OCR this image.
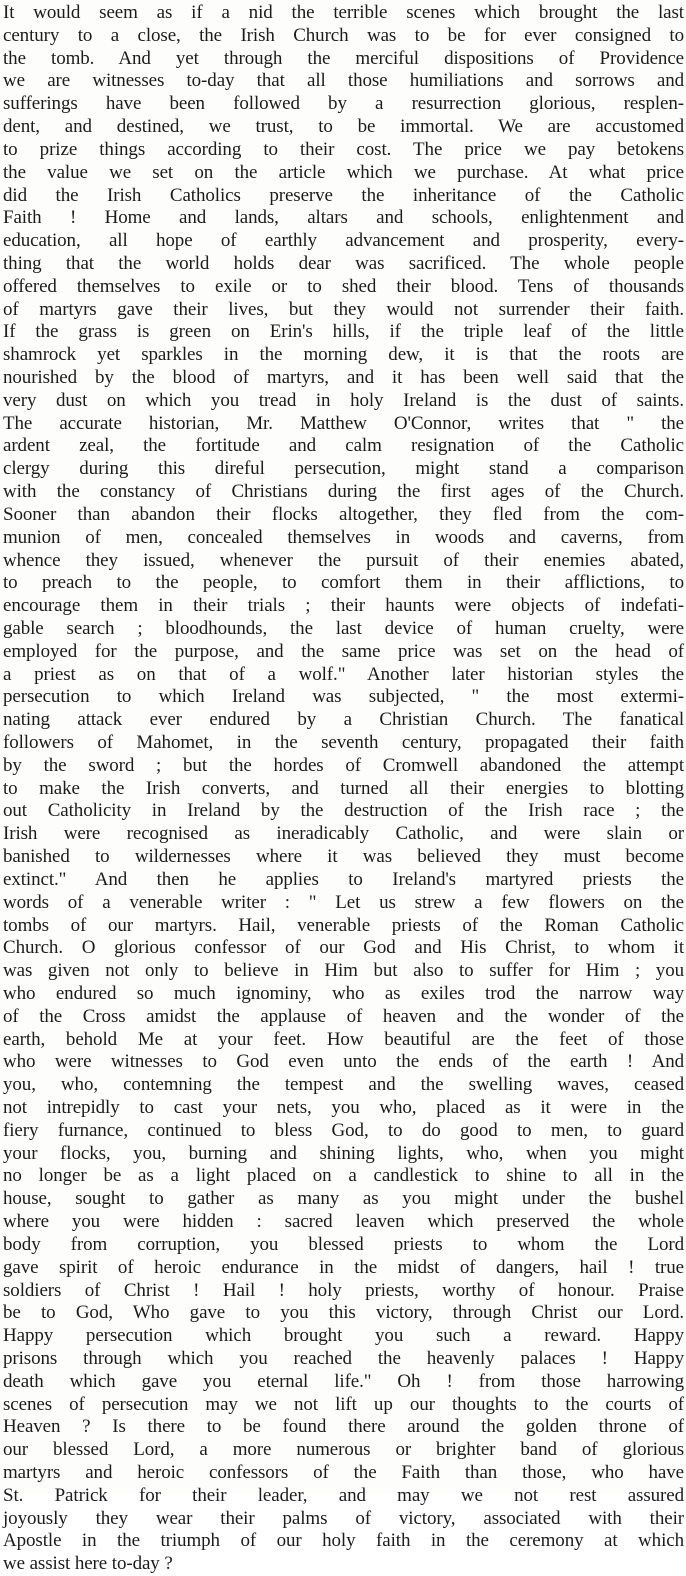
It would seem as if a nid the terrible scenes which brought the last
century to a close, the Irish Church was to be for ever consigned to
the tomb. And yet through the merciful dispositions of Providence
we are witnesses to-day that all those humiliations and sorrows and
sufferings have been followed by a resurrection glorious, resplen-
dent, and destined, we trust, to be immortal. We are accustomed
to prize things according to their cost. The price we pay betokens
the value we set on the article which we purchase. At what price
did the Irish Catholics preserve the inheritance of the Catholic
Faith ! Home and lands, altars and schools, enlightenment and
education, all hope of earthly advancement and prosperity, every-
thing that the world holds dear was sacrificed. The whole people
offered themselves to exile or to shed their blood. Tens of thousands
of martyrs gave their lives, but they would not surrender their faith.
If the grass is green on Erin's hills, if the triple leaf of the little
shamrock yet sparkles in the morning dew, it is that the roots are
nourished by the blood of martyrs, and it has been well said that the
very dust on which you tread in holy Ireland is the dust of saints.
The accurate historian, Mr. Matthew O'Connor, writes that " the
ardent zeal, the fortitude and calm resignation of the Catholic
clergy during this direful persecution, might stand a comparison
with the constancy of Christians during the first ages of the Church.
Sooner than abandon their flocks altogether, they fled from the com-
munion of men, concealed themselves in woods and caverns, from
whence they issued, whenever the pursuit of their enemies abated,
to preach to the people, to comfort them in their afflictions, to
encourage them in their trials ; their haunts were objects of indefati-
gable search ; bloodhounds, the last device of human cruelty, were
employed for the purpose, and the same price was set on the head of
a priest as on that of a wolf." Another later historian styles the
persecution to which Ireland was subjected, " the most extermi-
nating attack ever endured by a Christian Church. The fanatical
followers of Mahomet, in the seventh century, propagated their faith
by the sword ; but the hordes of Cromwell abandoned the attempt
to make the Irish converts, and turned all their energies to blotting
out Catholicity in Ireland by the destruction of the Irish race ; the
Irish were recognised as ineradicably Catholic, and were slain or
banished to wildernesses where it was believed they must become
extinct." And then he applies to Ireland's martyred priests the
words of a venerable writer : " Let us strew a few flowers on the
tombs of our martyrs. Hail, venerable priests of the Roman Catholic
Church. O glorious confessor of our God and His Christ, to whom it
was given not only to believe in Him but also to suffer for Him ; you
who endured so much ignominy, who as exiles trod the narrow way
of the Cross amidst the applause of heaven and the wonder of the
earth, behold Me at your feet. How beautiful are the feet of those
who were witnesses to God even unto the ends of the earth ! And
you, who, contemning the tempest and the swelling waves, ceased
not intrepidly to cast your nets, you who, placed as it were in the
fiery furnance, continued to bless God, to do good to men, to guard
your flocks, you, burning and shining lights, who, when you might
no longer be as a light placed on a candlestick to shine to all in the
house, sought to gather as many as you might under the bushel
where you were hidden : sacred leaven which preserved the whole
body from corruption, you blessed priests to whom the Lord
gave spirit of heroic endurance in the midst of dangers, hail ! true
soldiers of Christ ! Hail ! holy priests, worthy of honour. Praise
be to God, Who gave to you this victory, through Christ our Lord.
Happy persecution which brought you such a reward. Happy
prisons through which you reached the heavenly palaces ! Happy
death which gave you eternal life." Oh ! from those harrowing
scenes of persecution may we not lift up our thoughts to the courts of
Heaven ? Is there to be found there around the golden throne of
our blessed Lord, a more numerous or brighter band of glorious
martyrs and heroic confessors of the Faith than those, who have
St. Patrick for their leader, and may we not rest assured
joyously they wear their palms of victory, associated with their
Apostle in the triumph of our holy faith in the ceremony at which
we assist here to-day ?
